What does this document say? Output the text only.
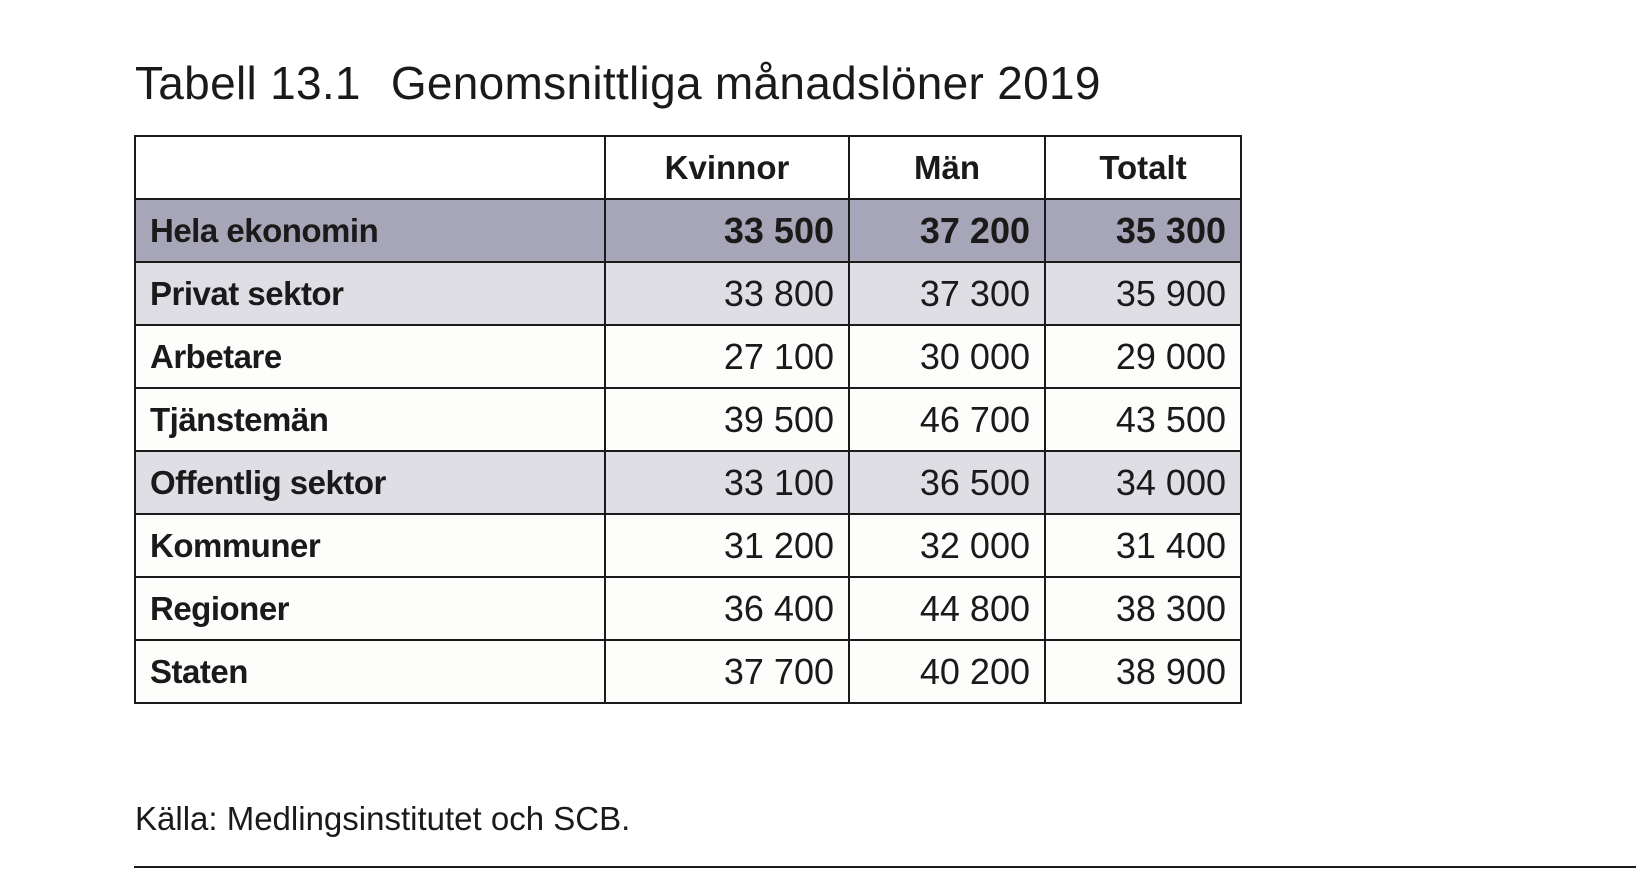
Tabell 13.1 Genomsnittliga månadslöner 2019
	Kvinnor	Män	Totalt
Hela ekonomin	33 500	37 200	35 300
Privat sektor	33 800	37 300	35 900
Arbetare	27 100	30 000	29 000
Tjänstemän	39 500	46 700	43 500
Offentlig sektor	33 100	36 500	34 000
Kommuner	31 200	32 000	31 400
Regioner	36 400	44 800	38 300
Staten	37 700	40 200	38 900
Källa: Medlingsinstitutet och SCB.
